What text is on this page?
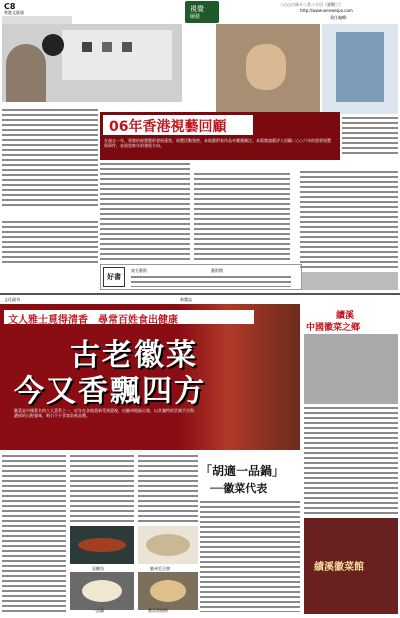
C8
香港文匯報	視覺
圖藝
二○○六年十二月二十日（星期三）
http://www.wenweipo.com
責任編輯：
06年香港視藝回顧
在過去一年，香港的視覺藝術發展蓬勃，展覽活動頻密，本地藝術家作品亦屢獲關注。本版邀請藝評人回顧二○○六年的重要展覽與事件，並展望來年的發展方向。
好書
東方藝術	藝術館
文化副刊	新雜誌
文人雅士覓得清香　尋常百姓食出健康
古老徽菜
今又香飄四方
徽菜是中國著名的八大菜系之一，近年在各地重新受到重視，由徽州地區出發，以其獨特的烹調手法與濃郁的山野風味，吸引不少食客前來品嚐。
續溪
中國徽菜之鄉
績溪徽菜館
「胡適一品鍋」
──徽菜代表
臭鱖魚	徽州毛豆腐
一品鍋	蟹殼黃燒餅
